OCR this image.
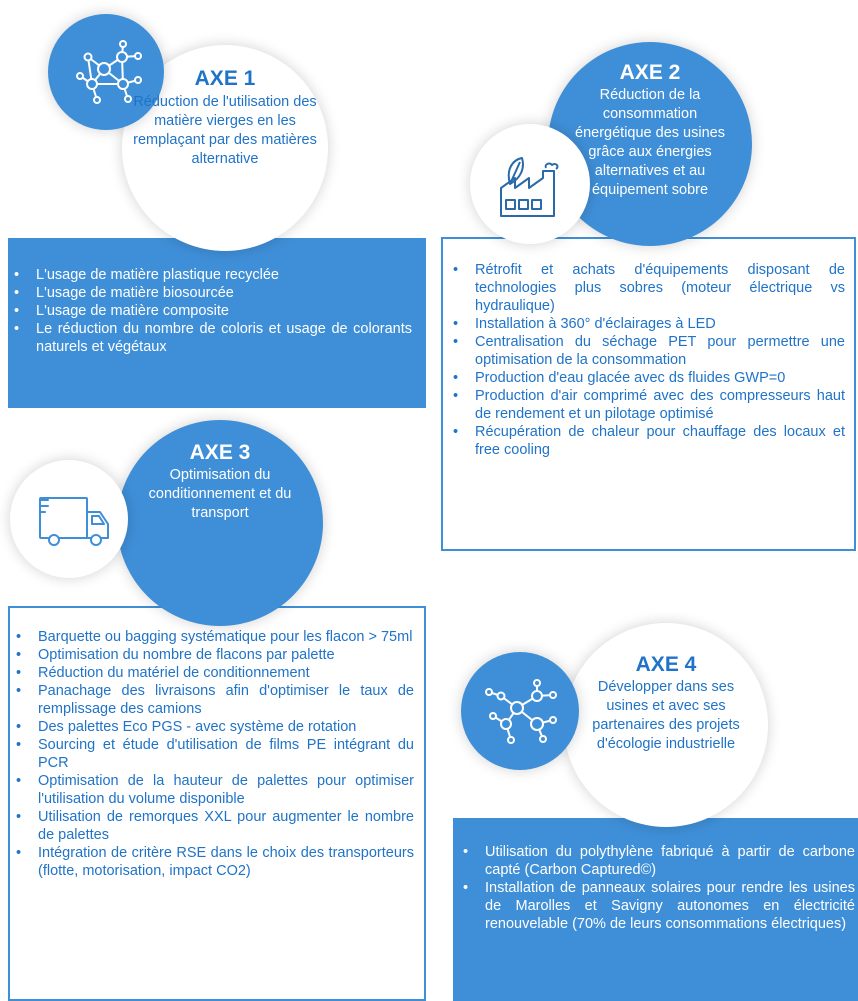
• L'usage de matière plastique recyclée
• L'usage de matière biosourcée
• L'usage de matière composite
• Le réduction du nombre de coloris et usage de colorants naturels et végétaux
AXE 1
Réduction de l'utilisation des matière vierges en les remplaçant par des matières alternative
• Rétrofit et achats d'équipements disposant de technologies plus sobres (moteur électrique vs hydraulique)
• Installation à 360° d'éclairages à LED
• Centralisation du séchage PET pour permettre une optimisation de la consommation
• Production d'eau glacée avec ds fluides GWP=0
• Production d'air comprimé avec des compresseurs haut de rendement et un pilotage optimisé
• Récupération de chaleur pour chauffage des locaux et free cooling
AXE 2
Réduction de la consommation énergétique des usines grâce aux énergies alternatives et au équipement sobre
• Barquette ou bagging systématique pour les flacon > 75ml
• Optimisation du nombre de flacons par palette
• Réduction du matériel de conditionnement
• Panachage des livraisons afin d'optimiser le taux de remplissage des camions
• Des palettes Eco PGS - avec système de rotation
• Sourcing et étude d'utilisation de films PE intégrant du PCR
• Optimisation de la hauteur de palettes pour optimiser l'utilisation du volume disponible
• Utilisation de remorques XXL pour augmenter le nombre de palettes
• Intégration de critère RSE dans le choix des transporteurs (flotte, motorisation, impact CO2)
AXE 3
Optimisation du conditionnement et du transport
• Utilisation du polythylène fabriqué à partir de carbone capté (Carbon Captured©)
• Installation de panneaux solaires pour rendre les usines de Marolles et Savigny autonomes en électricité renouvelable (70% de leurs consommations électriques)
AXE 4
Développer dans ses usines et avec ses partenaires des projets d'écologie industrielle
